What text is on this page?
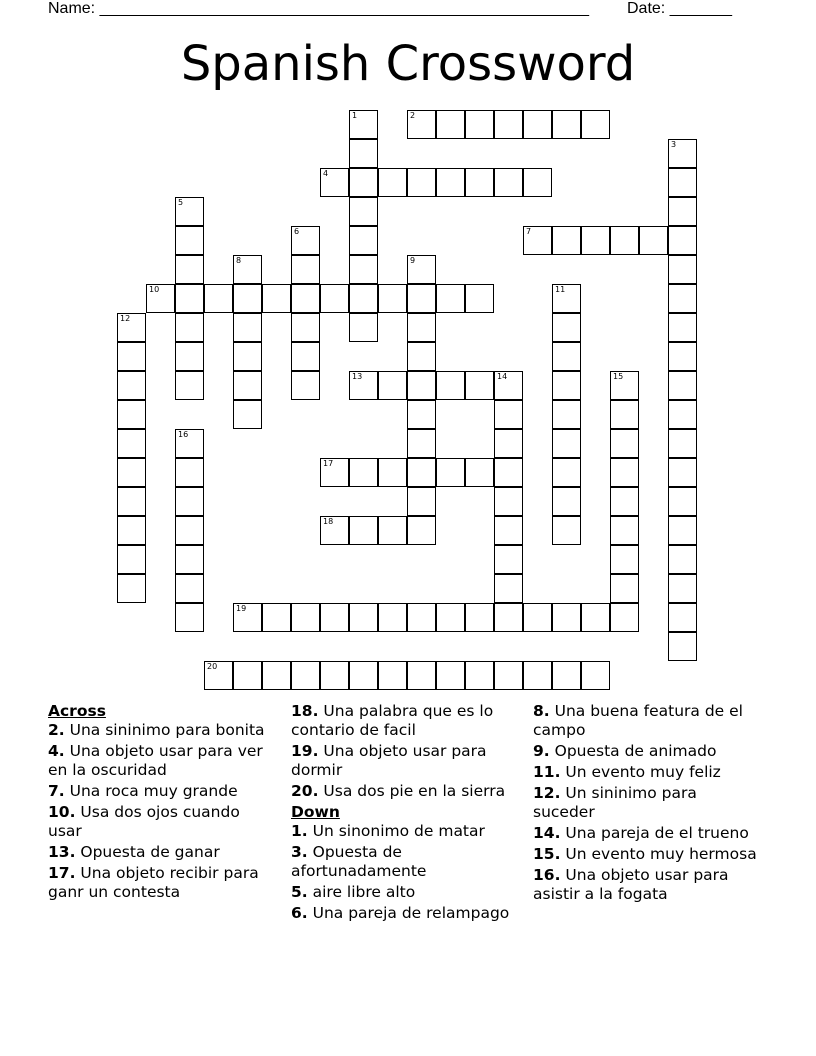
Name: _______________________________________________________ Date: _______
Spanish Crossword
2
4
7
10
13	14
17
18
19
20
1
3
5
6
8	9
11
12
15
16
Across
2. Una sininimo para bonita
4. Una objeto usar para ver en la oscuridad
7. Una roca muy grande
10. Usa dos ojos cuando usar
13. Opuesta de ganar
17. Una objeto recibir para ganr un contesta
18. Una palabra que es lo contario de facil
19. Una objeto usar para dormir
20. Usa dos pie en la sierra
Down
1. Un sinonimo de matar
3. Opuesta de afortunadamente
5. aire libre alto
6. Una pareja de relampago
8. Una buena featura de el campo
9. Opuesta de animado
11. Un evento muy feliz
12. Un sininimo para suceder
14. Una pareja de el trueno
15. Un evento muy hermosa
16. Una objeto usar para asistir a la fogata
